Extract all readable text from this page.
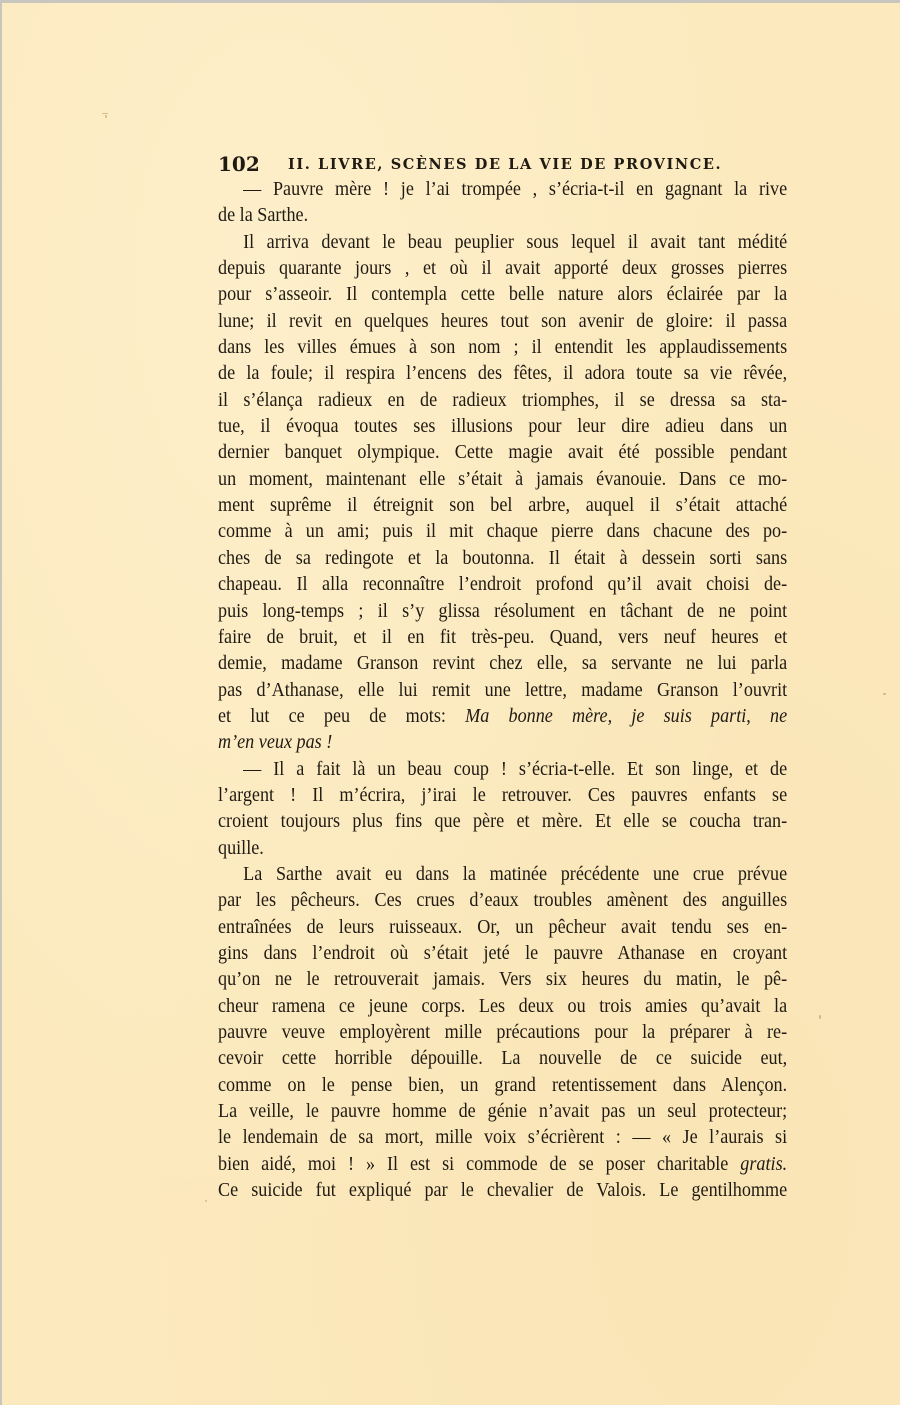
102 II. LIVRE, SCÈNES DE LA VIE DE PROVINCE.
— Pauvre mère ! je l’ai trompée , s’écria-t-il en gagnant la rive
de la Sarthe.
Il arriva devant le beau peuplier sous lequel il avait tant médité
depuis quarante jours , et où il avait apporté deux grosses pierres
pour s’asseoir. Il contempla cette belle nature alors éclairée par la
lune; il revit en quelques heures tout son avenir de gloire: il passa
dans les villes émues à son nom ; il entendit les applaudissements
de la foule; il respira l’encens des fêtes, il adora toute sa vie rêvée,
il s’élança radieux en de radieux triomphes, il se dressa sa sta-
tue, il évoqua toutes ses illusions pour leur dire adieu dans un
dernier banquet olympique. Cette magie avait été possible pendant
un moment, maintenant elle s’était à jamais évanouie. Dans ce mo-
ment suprême il étreignit son bel arbre, auquel il s’était attaché
comme à un ami; puis il mit chaque pierre dans chacune des po-
ches de sa redingote et la boutonna. Il était à dessein sorti sans
chapeau. Il alla reconnaître l’endroit profond qu’il avait choisi de-
puis long-temps ; il s’y glissa résolument en tâchant de ne point
faire de bruit, et il en fit très-peu. Quand, vers neuf heures et
demie, madame Granson revint chez elle, sa servante ne lui parla
pas d’Athanase, elle lui remit une lettre, madame Granson l’ouvrit
et lut ce peu de mots: Ma bonne mère, je suis parti, ne
m’en veux pas !
— Il a fait là un beau coup ! s’écria-t-elle. Et son linge, et de
l’argent ! Il m’écrira, j’irai le retrouver. Ces pauvres enfants se
croient toujours plus fins que père et mère. Et elle se coucha tran-
quille.
La Sarthe avait eu dans la matinée précédente une crue prévue
par les pêcheurs. Ces crues d’eaux troubles amènent des anguilles
entraînées de leurs ruisseaux. Or, un pêcheur avait tendu ses en-
gins dans l’endroit où s’était jeté le pauvre Athanase en croyant
qu’on ne le retrouverait jamais. Vers six heures du matin, le pê-
cheur ramena ce jeune corps. Les deux ou trois amies qu’avait la
pauvre veuve employèrent mille précautions pour la préparer à re-
cevoir cette horrible dépouille. La nouvelle de ce suicide eut,
comme on le pense bien, un grand retentissement dans Alençon.
La veille, le pauvre homme de génie n’avait pas un seul protecteur;
le lendemain de sa mort, mille voix s’écrièrent : — « Je l’aurais si
bien aidé, moi ! » Il est si commode de se poser charitable gratis.
Ce suicide fut expliqué par le chevalier de Valois. Le gentilhomme
